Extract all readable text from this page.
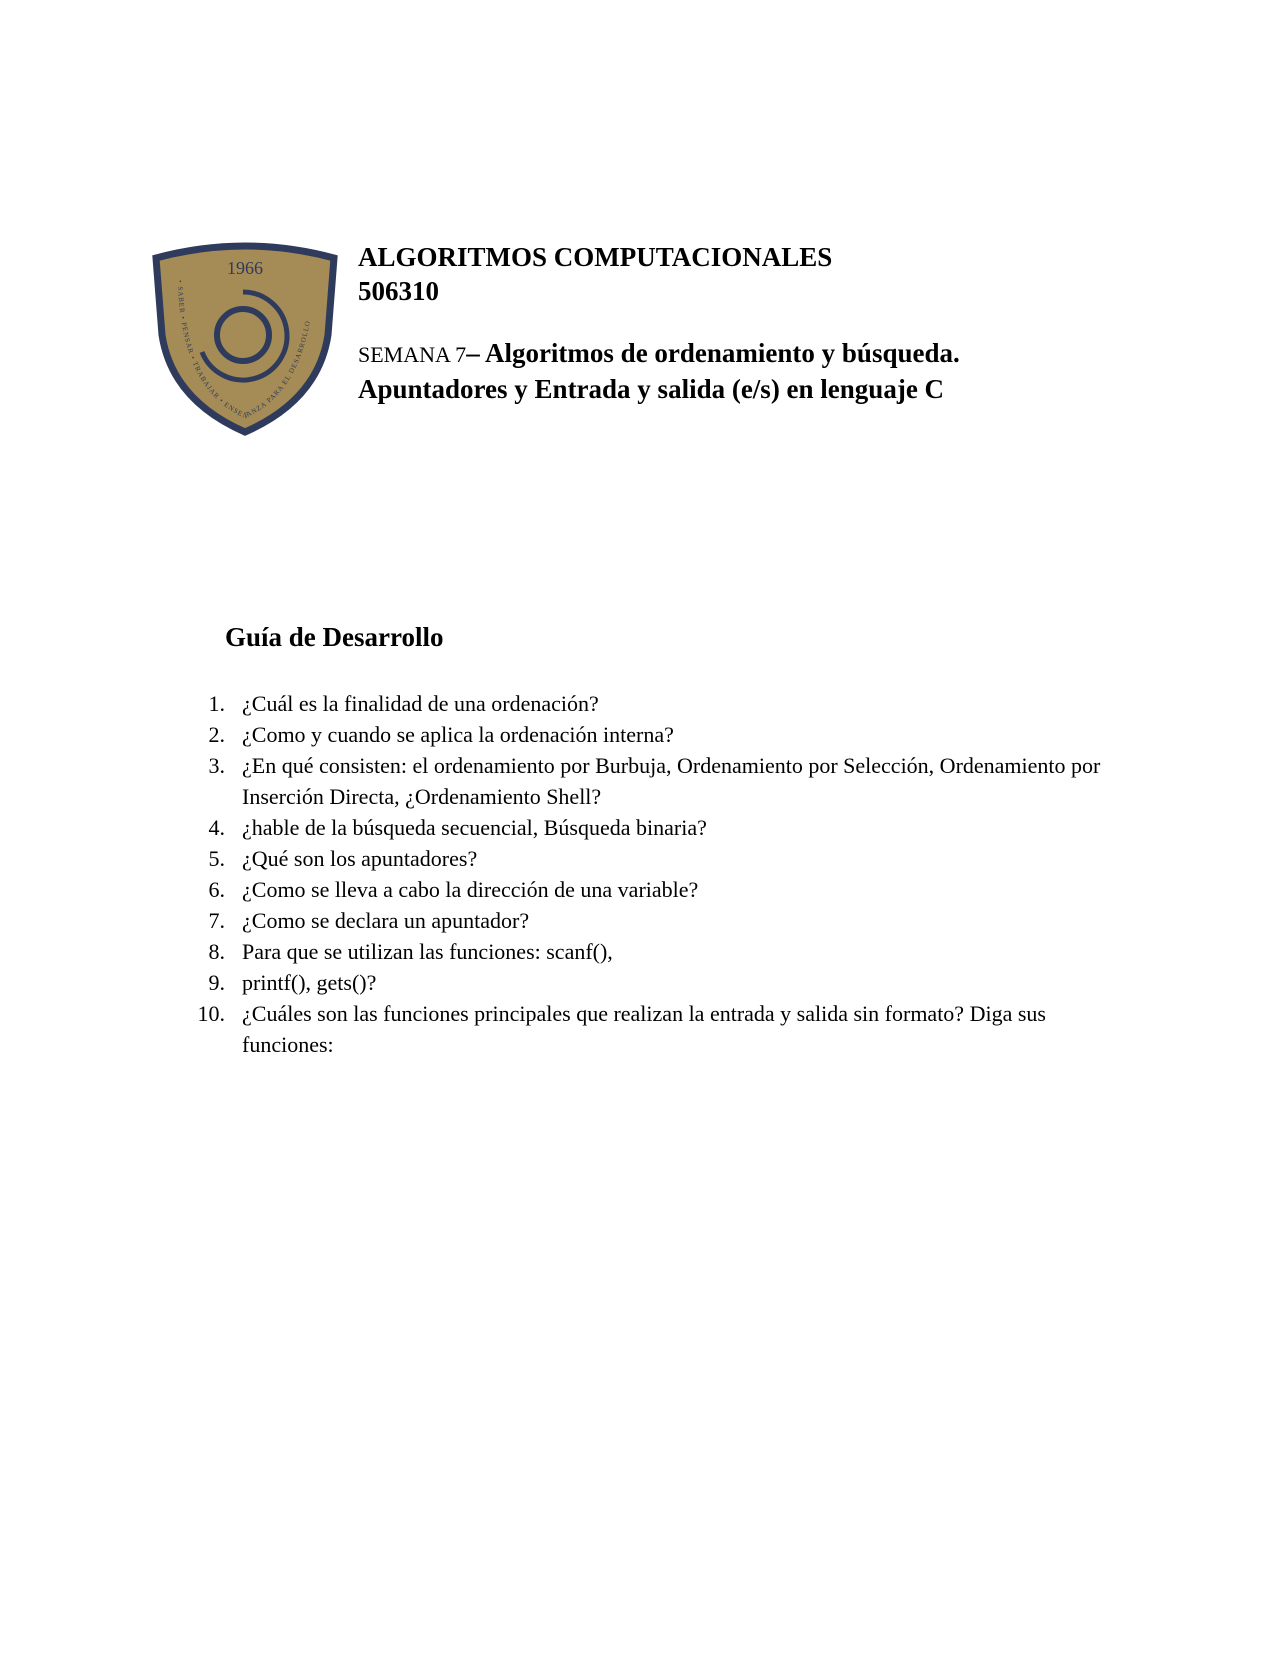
1966
• SABER • PENSAR • TRABAJAR • ENSEÑANZA PARA EL DESARROLLO

ALGORITMOS COMPUTACIONALES

506310

SEMANA 7– Algoritmos de ordenamiento y búsqueda.
Apuntadores y Entrada y salida (e/s) en lenguaje C
Guía de Desarrollo
1. ¿Cuál es la finalidad de una ordenación?
2. ¿Como y cuando se aplica la ordenación interna?
3. ¿En qué consisten: el ordenamiento por Burbuja, Ordenamiento por Selección, Ordenamiento por Inserción Directa, ¿Ordenamiento Shell?
4. ¿hable de la búsqueda secuencial, Búsqueda binaria?
5. ¿Qué son los apuntadores?
6. ¿Como se lleva a cabo la dirección de una variable?
7. ¿Como se declara un apuntador?
8. Para que se utilizan las funciones: scanf(),
9. printf(), gets()?
10. ¿Cuáles son las funciones principales que realizan la entrada y salida sin formato? Diga sus funciones:
